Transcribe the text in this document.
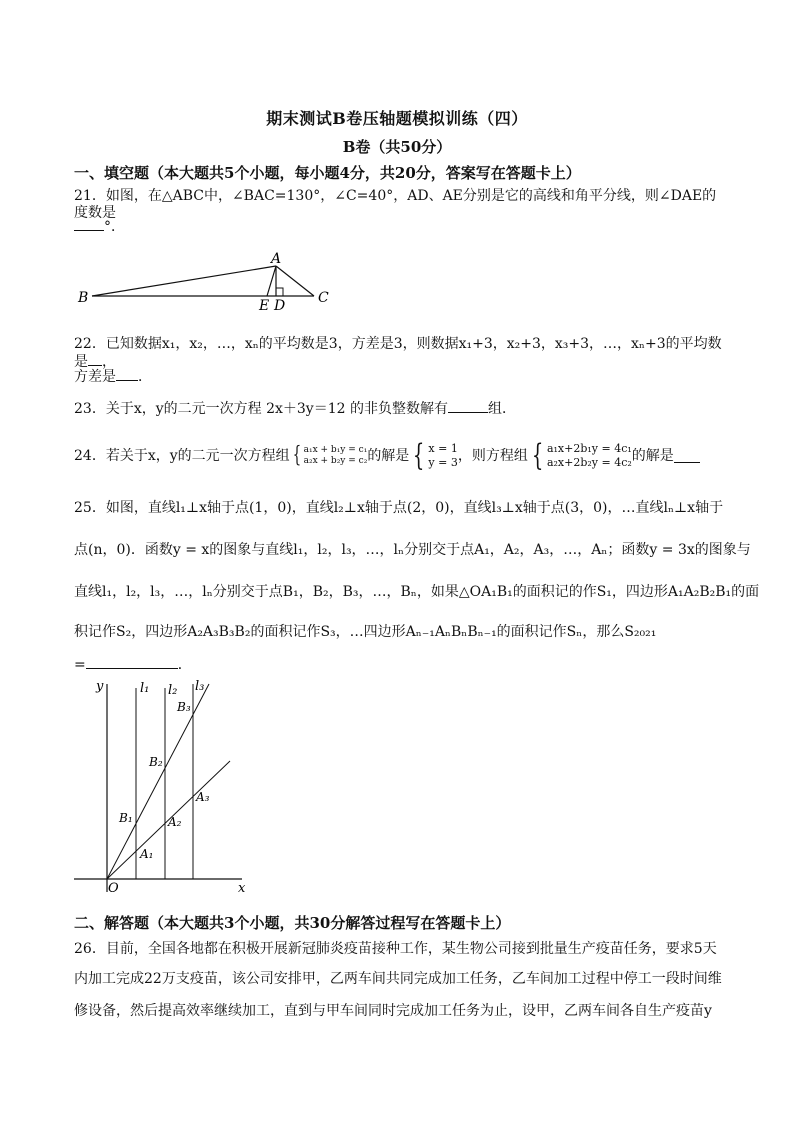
期末测试B卷压轴题模拟训练（四）
B卷（共50分）
一、填空题（本大题共5个小题，每小题4分，共20分，答案写在答题卡上）
21．如图，在△ABC中，∠BAC=130°，∠C=40°，AD、AE分别是它的高线和角平分线，则∠DAE的度数是
°．
A
B	C
D
E
22．已知数据x₁，x₂，…，xₙ的平均数是3，方差是3，则数据x₁+3，x₂+3，x₃+3，…，xₙ+3的平均数是 ，
方差是 ．
23．关于x，y的二元一次方程 2x＋3y＝12 的非负整数解有	组．
24．若关于x，y的二元一次方程组 { a₁x + b₁y = c₁
a₂x + b₂y = c₂ 的解是 { x = 1
y = 3 ，则方程组 { a₁x+2b₁y = 4c₁
a₂x+2b₂y = 4c₂ 的解是
25．如图，直线l₁⊥x轴于点(1，0)，直线l₂⊥x轴于点(2，0)，直线l₃⊥x轴于点(3，0)，…直线lₙ⊥x轴于
点(n，0)．函数y = x的图象与直线l₁，l₂，l₃，…，lₙ分别交于点A₁，A₂，A₃，…，Aₙ；函数y = 3x的图象与
直线l₁，l₂，l₃，…，lₙ分别交于点B₁，B₂，B₃，…，Bₙ，如果△OA₁B₁的面积记的作S₁，四边形A₁A₂B₂B₁的面
积记作S₂，四边形A₂A₃B₃B₂的面积记作S₃，…四边形Aₙ₋₁AₙBₙBₙ₋₁的面积记作Sₙ，那么S₂₀₂₁
=	．
y
x
O
l₁ l₂ l₃
A₁
A₂
A₃
B₁
B₂
B₃
二、解答题（本大题共3个小题，共30分解答过程写在答题卡上）
26．目前，全国各地都在积极开展新冠肺炎疫苗接种工作，某生物公司接到批量生产疫苗任务，要求5天
内加工完成22万支疫苗，该公司安排甲，乙两车间共同完成加工任务，乙车间加工过程中停工一段时间维
修设备，然后提高效率继续加工，直到与甲车间同时完成加工任务为止，设甲，乙两车间各自生产疫苗y
